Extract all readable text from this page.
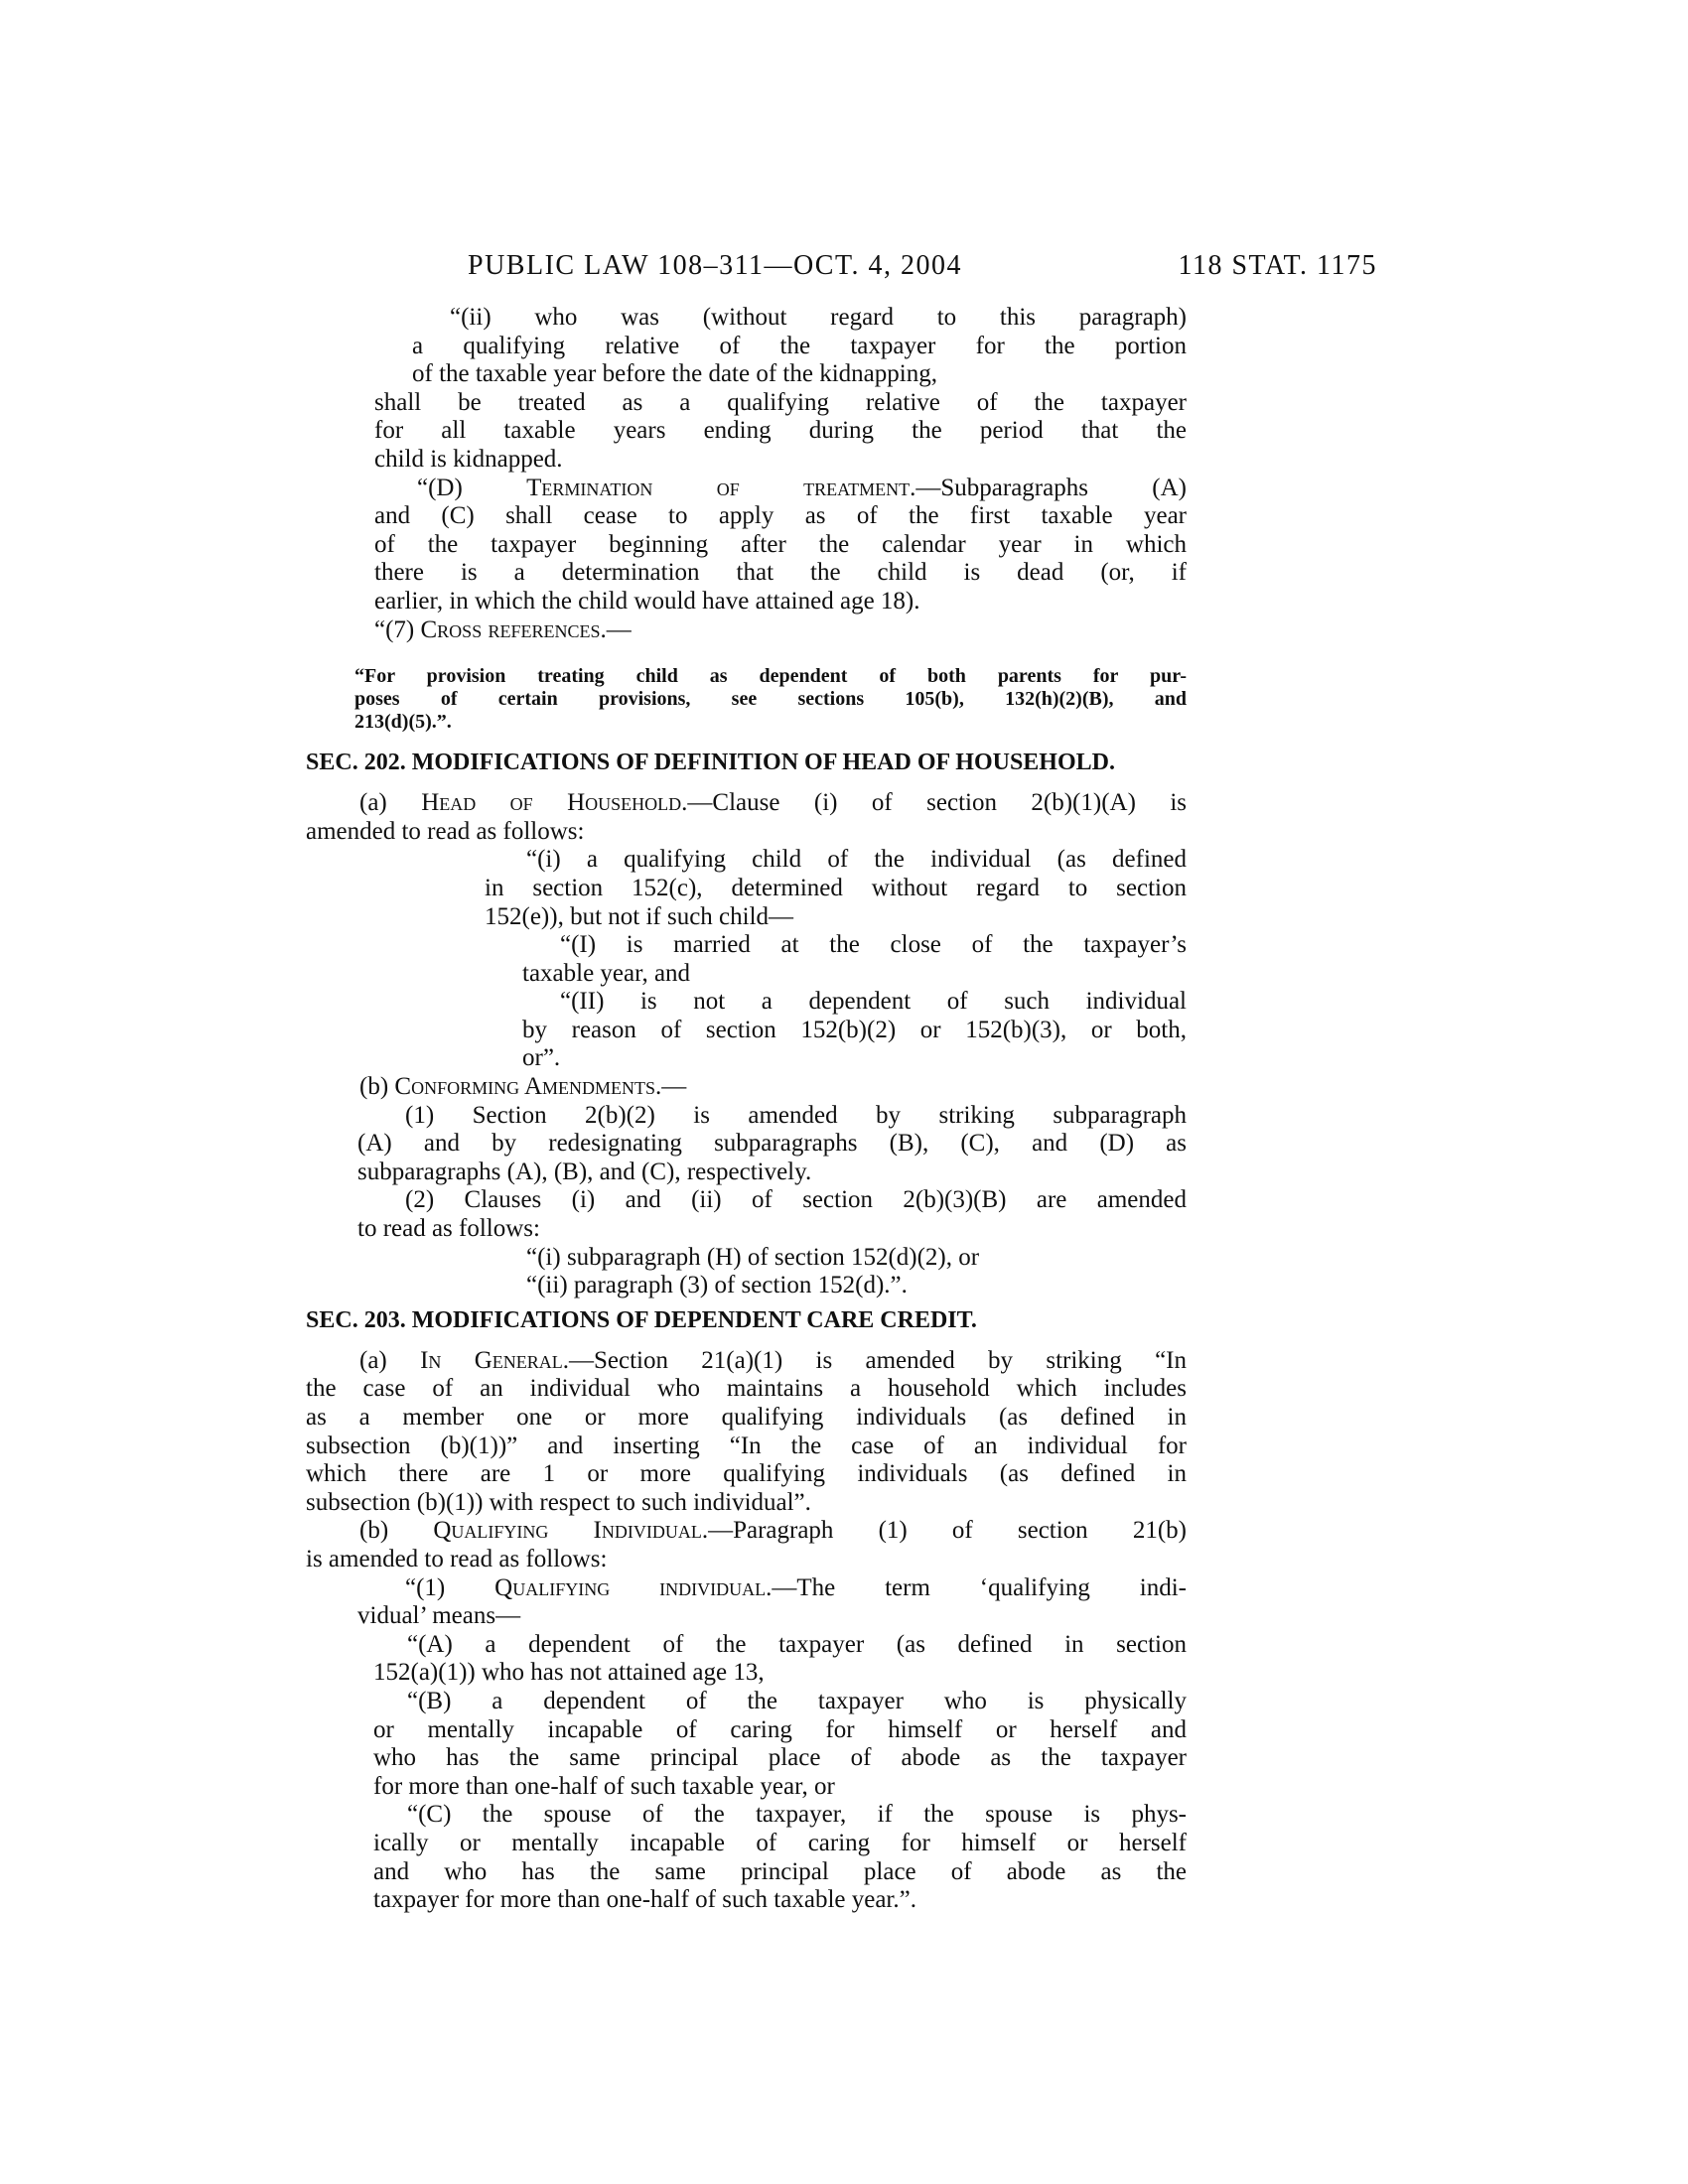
PUBLIC LAW 108–311—OCT. 4, 2004	118 STAT. 1175
“(ii) who was (without regard to this paragraph)
a qualifying relative of the taxpayer for the portion
of the taxable year before the date of the kidnapping,
shall be treated as a qualifying relative of the taxpayer
for all taxable years ending during the period that the
child is kidnapped.
“(D) Termination of treatment.—Subparagraphs (A)
and (C) shall cease to apply as of the first taxable year
of the taxpayer beginning after the calendar year in which
there is a determination that the child is dead (or, if
earlier, in which the child would have attained age 18).
“(7) Cross references.—
“For provision treating child as dependent of both parents for pur-
poses of certain provisions, see sections 105(b), 132(h)(2)(B), and
213(d)(5).”.
SEC. 202. MODIFICATIONS OF DEFINITION OF HEAD OF HOUSEHOLD.
(a) Head of Household.—Clause (i) of section 2(b)(1)(A) is
amended to read as follows:
“(i) a qualifying child of the individual (as defined
in section 152(c), determined without regard to section
152(e)), but not if such child—
“(I) is married at the close of the taxpayer’s
taxable year, and
“(II) is not a dependent of such individual
by reason of section 152(b)(2) or 152(b)(3), or both,
or”.
(b) Conforming Amendments.—
(1) Section 2(b)(2) is amended by striking subparagraph
(A) and by redesignating subparagraphs (B), (C), and (D) as
subparagraphs (A), (B), and (C), respectively.
(2) Clauses (i) and (ii) of section 2(b)(3)(B) are amended
to read as follows:
“(i) subparagraph (H) of section 152(d)(2), or
“(ii) paragraph (3) of section 152(d).”.
SEC. 203. MODIFICATIONS OF DEPENDENT CARE CREDIT.
(a) In General.—Section 21(a)(1) is amended by striking “In
the case of an individual who maintains a household which includes
as a member one or more qualifying individuals (as defined in
subsection (b)(1))” and inserting “In the case of an individual for
which there are 1 or more qualifying individuals (as defined in
subsection (b)(1)) with respect to such individual”.
(b) Qualifying Individual.—Paragraph (1) of section 21(b)
is amended to read as follows:
“(1) Qualifying individual.—The term ‘qualifying indi-
vidual’ means—
“(A) a dependent of the taxpayer (as defined in section
152(a)(1)) who has not attained age 13,
“(B) a dependent of the taxpayer who is physically
or mentally incapable of caring for himself or herself and
who has the same principal place of abode as the taxpayer
for more than one-half of such taxable year, or
“(C) the spouse of the taxpayer, if the spouse is phys-
ically or mentally incapable of caring for himself or herself
and who has the same principal place of abode as the
taxpayer for more than one-half of such taxable year.”.
